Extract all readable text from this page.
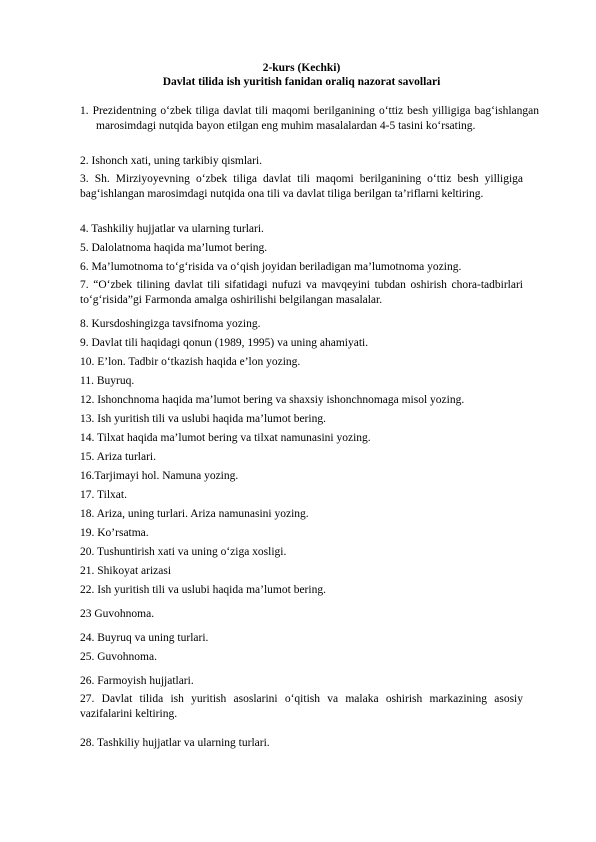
2-kurs (Kechki)
Davlat tilida ish yuritish fanidan oraliq nazorat savollari
1. Prezidentning o‘zbek tiliga davlat tili maqomi berilganining o‘ttiz besh yilligiga bag‘ishlangan marosimdagi nutqida bayon etilgan eng muhim masalalardan 4-5 tasini ko‘rsating.
2. Ishonch xati, uning tarkibiy qismlari.
3. Sh. Mirziyoyevning o‘zbek tiliga davlat tili maqomi berilganining o‘ttiz besh yilligiga bag‘ishlangan marosimdagi nutqida ona tili va davlat tiliga berilgan ta’riflarni keltiring.
4. Tashkiliy hujjatlar va ularning turlari.
5. Dalolatnoma haqida ma’lumot bering.
6. Ma’lumotnoma to‘g‘risida va o‘qish joyidan beriladigan ma’lumotnoma yozing.
7. “O‘zbek tilining davlat tili sifatidagi nufuzi va mavqeyini tubdan oshirish chora-tadbirlari to‘g‘risida”gi Farmonda amalga oshirilishi belgilangan masalalar.
8. Kursdoshingizga tavsifnoma yozing.
9. Davlat tili haqidagi qonun (1989, 1995) va uning ahamiyati.
10. E’lon. Tadbir o‘tkazish haqida e’lon yozing.
11. Buyruq.
12. Ishonchnoma haqida ma’lumot bering va shaxsiy ishonchnomaga misol yozing.
13. Ish yuritish tili va uslubi haqida ma’lumot bering.
14. Tilxat haqida ma’lumot bering va tilxat namunasini yozing.
15. Ariza turlari.
16.Tarjimayi hol. Namuna yozing.
17. Tilxat.
18. Ariza, uning turlari. Ariza namunasini yozing.
19. Ko’rsatma.
20. Tushuntirish xati va uning o‘ziga xosligi.
21. Shikoyat arizasi
22. Ish yuritish tili va uslubi haqida ma’lumot bering.
23 Guvohnoma.
24. Buyruq va uning turlari.
25. Guvohnoma.
26. Farmoyish hujjatlari.
27. Davlat tilida ish yuritish asoslarini o‘qitish va malaka oshirish markazining asosiy vazifalarini keltiring.
28. Tashkiliy hujjatlar va ularning turlari.
